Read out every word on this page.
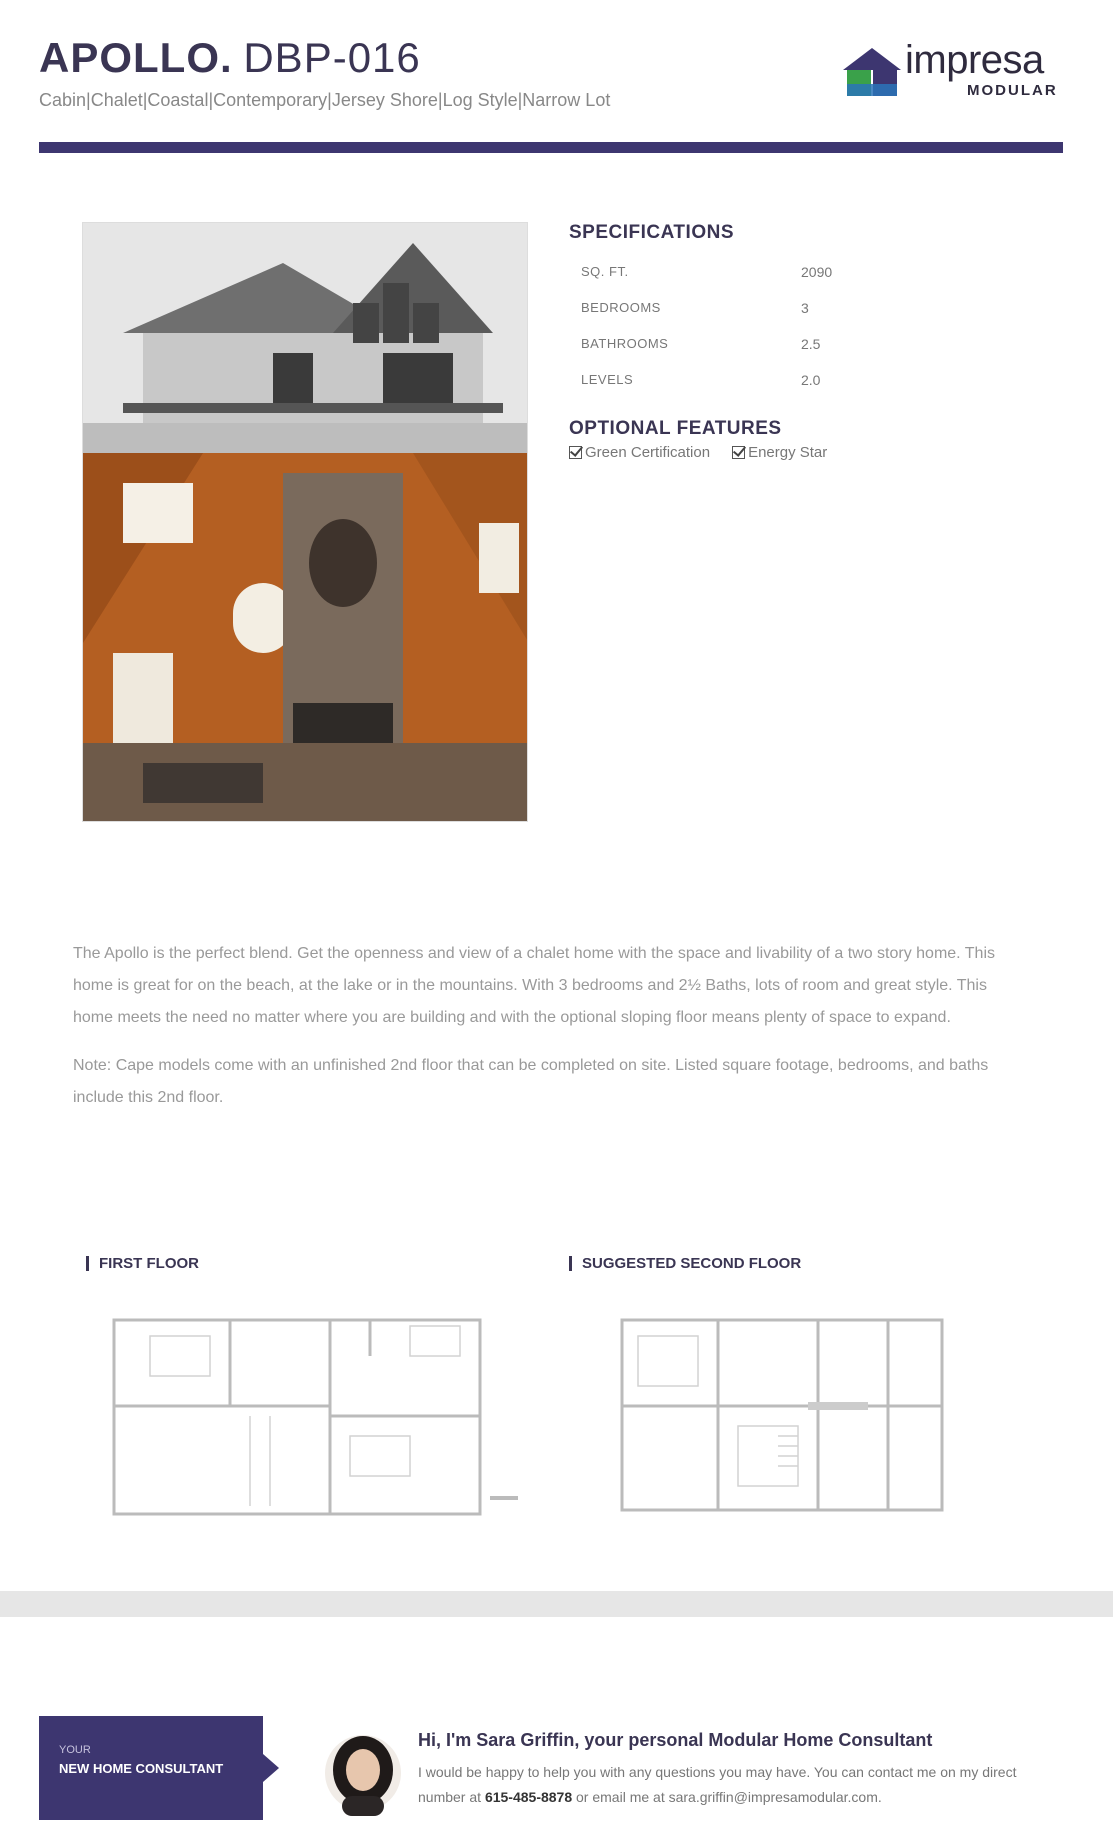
APOLLO. DBP-016
Cabin|Chalet|Coastal|Contemporary|Jersey Shore|Log Style|Narrow Lot
impresa
MODULAR
SPECIFICATIONS
SQ. FT.	2090
BEDROOMS	3
BATHROOMS	2.5
LEVELS	2.0
OPTIONAL FEATURES
Green Certification	Energy Star

The Apollo is the perfect blend. Get the openness and view of a chalet home with the space and livability of a two story home. This home is great for on the beach, at the lake or in the mountains. With 3 bedrooms and 2½ Baths, lots of room and great style. This home meets the need no matter where you are building and with the optional sloping floor means plenty of space to expand.

Note: Cape models come with an unfinished 2nd floor that can be completed on site. Listed square footage, bedrooms, and baths include this 2nd floor.

FIRST FLOOR	SUGGESTED SECOND FLOOR
YOUR
NEW HOME CONSULTANT
Hi, I'm Sara Griffin, your personal Modular Home Consultant
I would be happy to help you with any questions you may have. You can contact me on my direct number at 615-485-8878 or email me at sara.griffin@impresamodular.com.
